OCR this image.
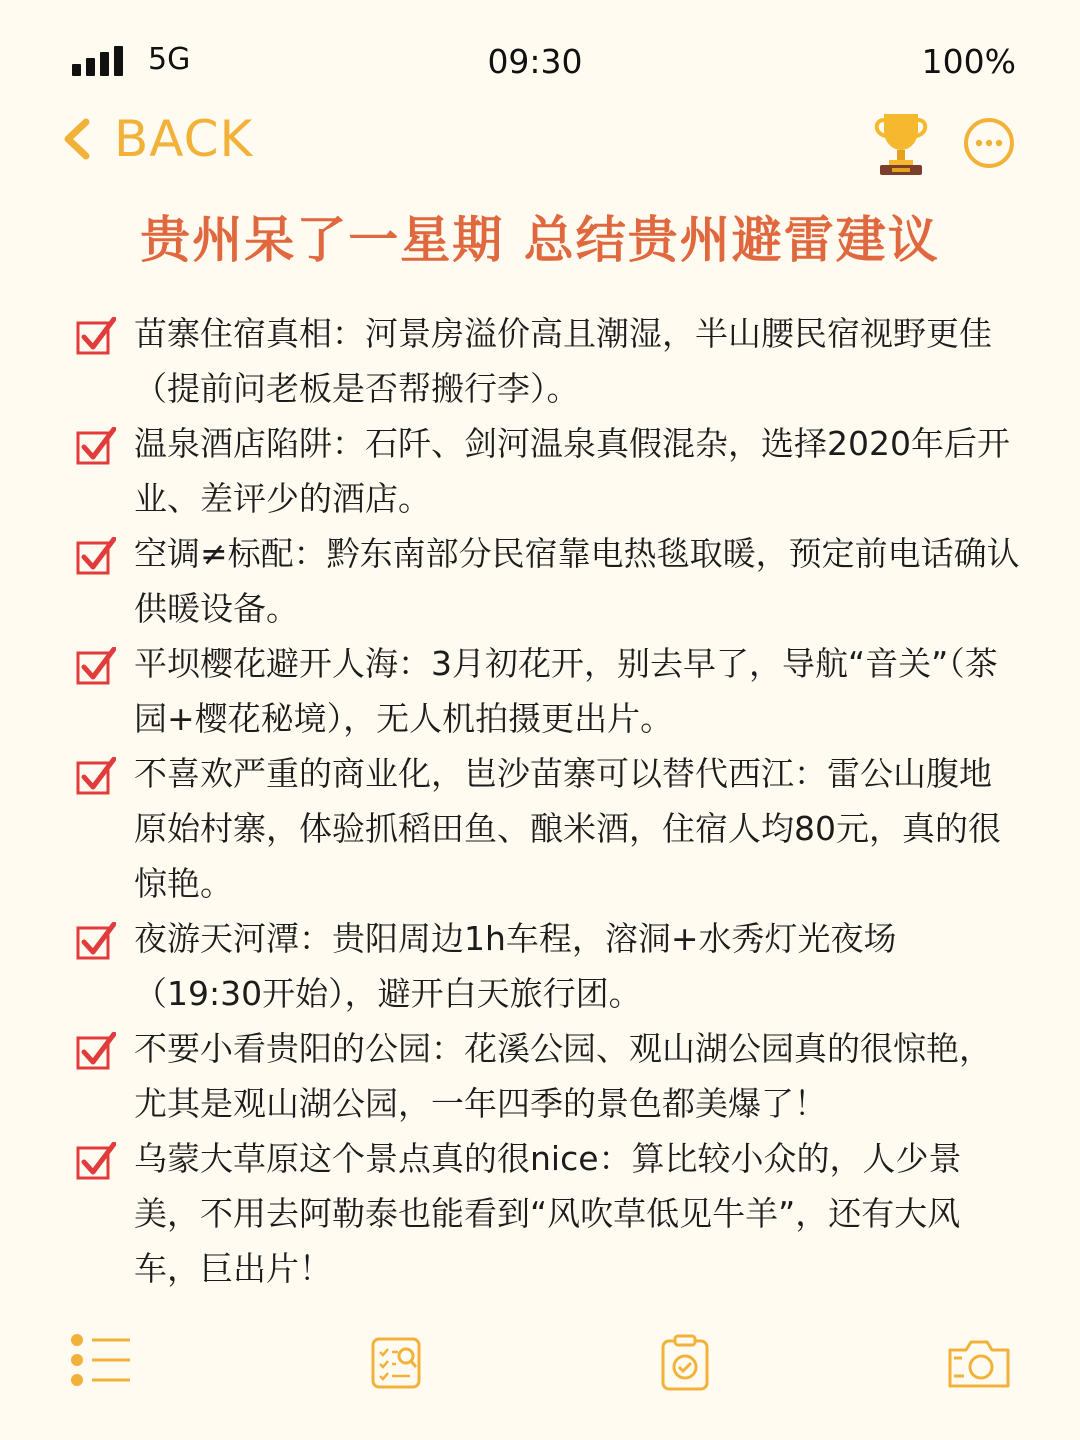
5G	09:30	100%
BACK
贵州呆了一星期 总结贵州避雷建议
苗寨住宿真相：河景房溢价高且潮湿，半山腰民宿视野更佳（提前问老板是否帮搬行李）。
温泉酒店陷阱：石阡、剑河温泉真假混杂，选择2020年后开业、差评少的酒店。
空调≠标配：黔东南部分民宿靠电热毯取暖，预定前电话确认供暖设备。
平坝樱花避开人海：3月初花开，别去早了，导航“音关”（茶园+樱花秘境），无人机拍摄更出片。
不喜欢严重的商业化，岜沙苗寨可以替代西江：雷公山腹地原始村寨，体验抓稻田鱼、酿米酒，住宿人均80元，真的很惊艳。
夜游天河潭：贵阳周边1h车程，溶洞+水秀灯光夜场（19:30开始），避开白天旅行团。
不要小看贵阳的公园：花溪公园、观山湖公园真的很惊艳，尤其是观山湖公园，一年四季的景色都美爆了！
乌蒙大草原这个景点真的很nice：算比较小众的，人少景美，不用去阿勒泰也能看到“风吹草低见牛羊”，还有大风车，巨出片！
